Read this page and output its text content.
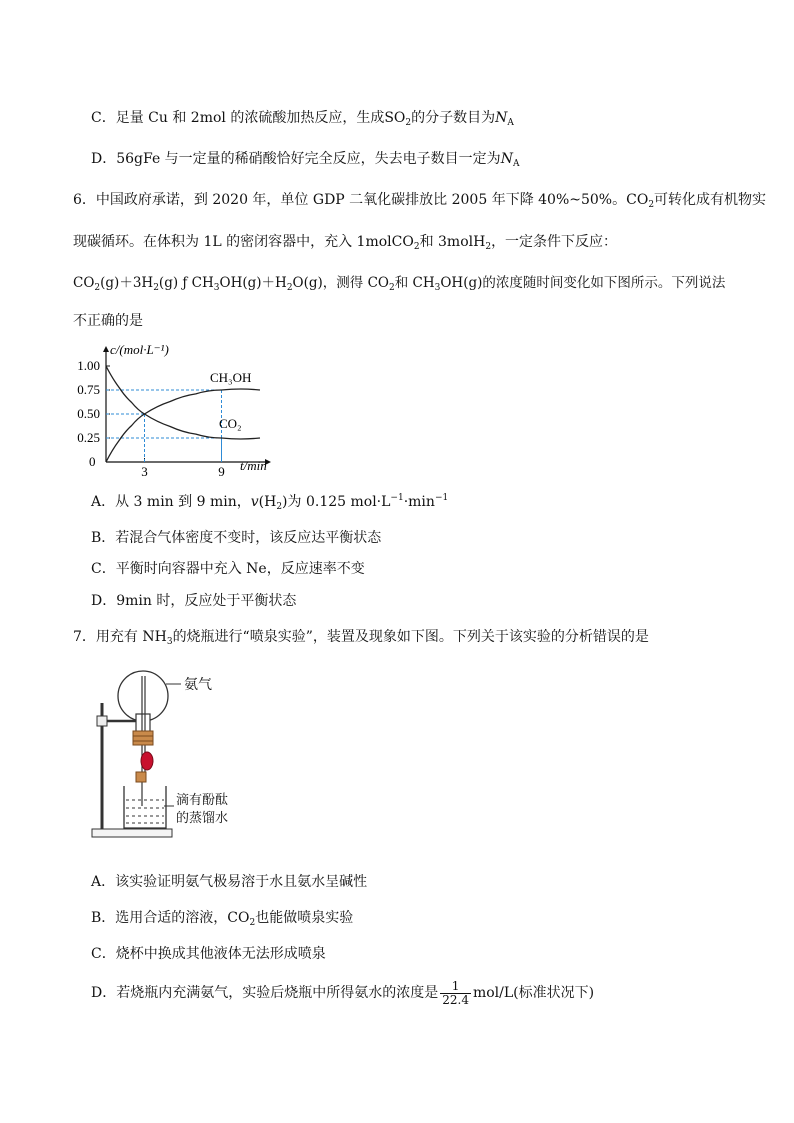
C．足量 Cu 和 2mol 的浓硫酸加热反应，生成$SO_2$的分子数目为$N_A$
D．56gFe 与一定量的稀硝酸恰好完全反应，失去电子数目一定为$N_A$
6．中国政府承诺，到 2020 年，单位 GDP 二氧化碳排放比 2005 年下降 40%~50%。$CO_2$可转化成有机物实
现碳循环。在体积为 1L 的密闭容器中，充入 1molCO$_2$和 3molH$_2$，一定条件下反应：
$CO_2(g)+3H_2(g)$ ƒ $CH_3OH(g)+H_2O(g)$，测得 $CO_2$和 $CH_3OH(g)$的浓度随时间变化如下图所示。下列说法
不正确的是
c/(mol·L⁻¹)
t/min
1.00
0.75
0.50
0.25
0
3	9
CH₃OH
CO₂
A．从 3 min 到 9 min，$v(H_2)$为 0.125 $mol\cdot L^{-1}\cdot\min^{-1}$
B．若混合气体密度不变时，该反应达平衡状态
C．平衡时向容器中充入 Ne，反应速率不变
D．9min 时，反应处于平衡状态
7．用充有 $NH_3$的烧瓶进行“喷泉实验”，装置及现象如下图。下列关于该实验的分析错误的是
氨气
滴有酚酞
的蒸馏水
A．该实验证明氨气极易溶于水且氨水呈碱性
B．选用合适的溶液，$CO_2$也能做喷泉实验
C．烧杯中换成其他液体无法形成喷泉
D．若烧瓶内充满氨气，实验后烧瓶中所得氨水的浓度是 $\frac{1}{22.4} mol/L$(标准状况下)
